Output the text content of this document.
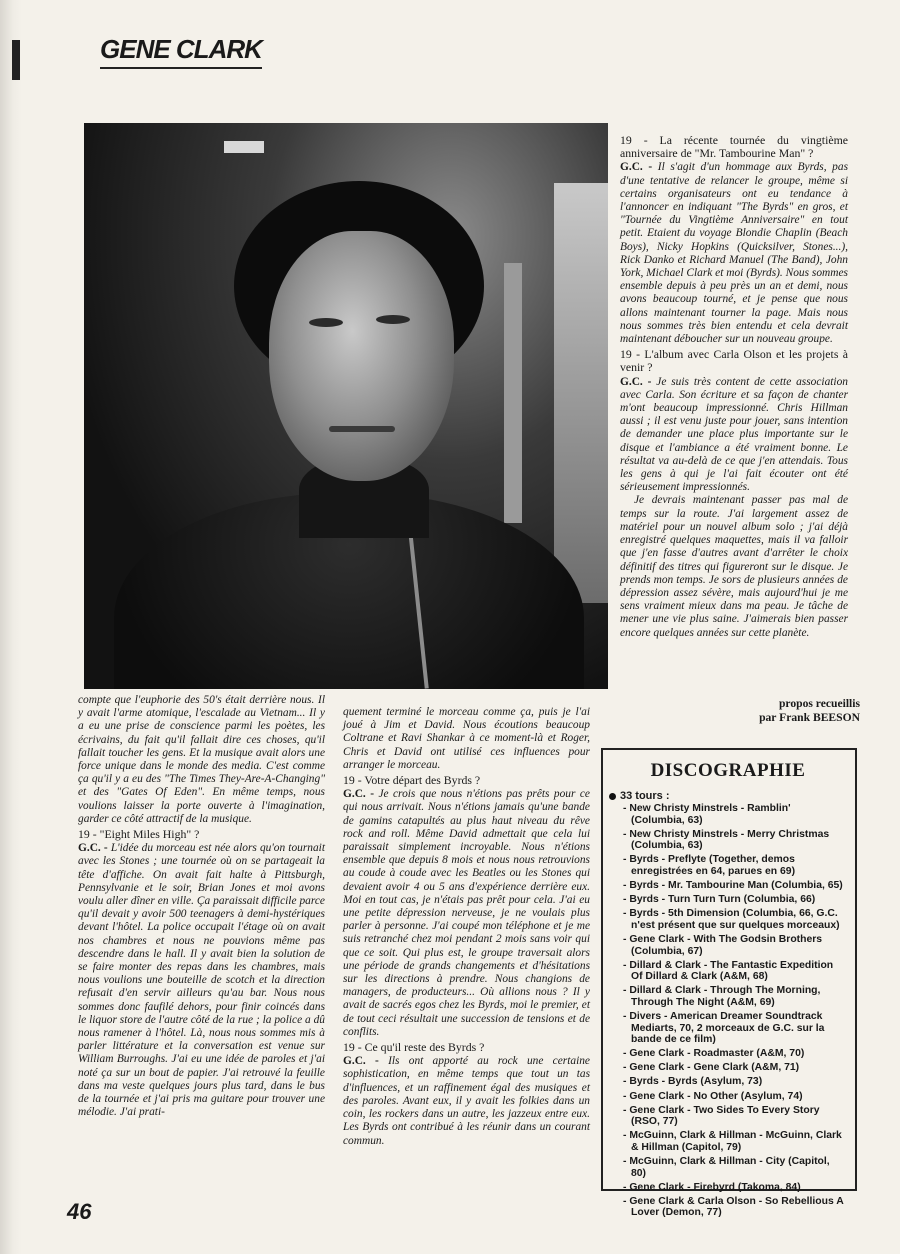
GENE CLARK

compte que l'euphorie des 50's était derrière nous. Il y avait l'arme atomique, l'escalade au Vietnam... Il y a eu une prise de conscience parmi les poètes, les écrivains, du fait qu'il fallait dire ces choses, qu'il fallait toucher les gens. Et la musique avait alors une force unique dans le monde des media. C'est comme ça qu'il y a eu des "The Times They-Are-A-Changing" et des "Gates Of Eden". En même temps, nous voulions laisser la porte ouverte à l'imagination, garder ce côté attractif de la musique.

19 - "Eight Miles High" ?

G.C. - L'idée du morceau est née alors qu'on tournait avec les Stones ; une tournée où on se partageait la tête d'affiche. On avait fait halte à Pittsburgh, Pennsylvanie et le soir, Brian Jones et moi avons voulu aller dîner en ville. Ça paraissait difficile parce qu'il devait y avoir 500 teenagers à demi-hystériques devant l'hôtel. La police occupait l'étage où on avait nos chambres et nous ne pouvions même pas descendre dans le hall. Il y avait bien la solution de se faire monter des repas dans les chambres, mais nous voulions une bouteille de scotch et la direction refusait d'en servir ailleurs qu'au bar. Nous nous sommes donc faufilé dehors, pour finir coincés dans le liquor store de l'autre côté de la rue ; la police a dû nous ramener à l'hôtel. Là, nous nous sommes mis à parler littérature et la conversation est venue sur William Burroughs. J'ai eu une idée de paroles et j'ai noté ça sur un bout de papier. J'ai retrouvé la feuille dans ma veste quelques jours plus tard, dans le bus de la tournée et j'ai pris ma guitare pour trouver une mélodie. J'ai prati-

quement terminé le morceau comme ça, puis je l'ai joué à Jim et David. Nous écoutions beaucoup Coltrane et Ravi Shankar à ce moment-là et Roger, Chris et David ont utilisé ces influences pour arranger le morceau.

19 - Votre départ des Byrds ?

G.C. - Je crois que nous n'étions pas prêts pour ce qui nous arrivait. Nous n'étions jamais qu'une bande de gamins catapultés au plus haut niveau du rêve rock and roll. Même David admettait que cela lui paraissait simplement incroyable. Nous n'étions ensemble que depuis 8 mois et nous nous retrouvions au coude à coude avec les Beatles ou les Stones qui devaient avoir 4 ou 5 ans d'expérience derrière eux. Moi en tout cas, je n'étais pas prêt pour cela. J'ai eu une petite dépression nerveuse, je ne voulais plus parler à personne. J'ai coupé mon téléphone et je me suis retranché chez moi pendant 2 mois sans voir qui que ce soit. Qui plus est, le groupe traversait alors une période de grands changements et d'hésitations sur les directions à prendre. Nous changions de managers, de producteurs... Où allions nous ? Il y avait de sacrés egos chez les Byrds, moi le premier, et de tout ceci résultait une succession de tensions et de conflits.

19 - Ce qu'il reste des Byrds ?

G.C. - Ils ont apporté au rock une certaine sophistication, en même temps que tout un tas d'influences, et un raffinement égal des musiques et des paroles. Avant eux, il y avait les folkies dans un coin, les rockers dans un autre, les jazzeux entre eux. Les Byrds ont contribué à les réunir dans un courant commun.

19 - La récente tournée du vingtième anniversaire de "Mr. Tambourine Man" ?

G.C. - Il s'agit d'un hommage aux Byrds, pas d'une tentative de relancer le groupe, même si certains organisateurs ont eu tendance à l'annoncer en indiquant "The Byrds" en gros, et "Tournée du Vingtième Anniversaire" en tout petit. Etaient du voyage Blondie Chaplin (Beach Boys), Nicky Hopkins (Quicksilver, Stones...), Rick Danko et Richard Manuel (The Band), John York, Michael Clark et moi (Byrds). Nous sommes ensemble depuis à peu près un an et demi, nous avons beaucoup tourné, et je pense que nous allons maintenant tourner la page. Mais nous nous sommes très bien entendu et cela devrait maintenant déboucher sur un nouveau groupe.

19 - L'album avec Carla Olson et les projets à venir ?

G.C. - Je suis très content de cette association avec Carla. Son écriture et sa façon de chanter m'ont beaucoup impressionné. Chris Hillman aussi ; il est venu juste pour jouer, sans intention de demander une place plus importante sur le disque et l'ambiance a été vraiment bonne. Le résultat va au-delà de ce que j'en attendais. Tous les gens à qui je l'ai fait écouter ont été sérieusement impressionnés.

Je devrais maintenant passer pas mal de temps sur la route. J'ai largement assez de matériel pour un nouvel album solo ; j'ai déjà enregistré quelques maquettes, mais il va falloir que j'en fasse d'autres avant d'arrêter le choix définitif des titres qui figureront sur le disque. Je prends mon temps. Je sors de plusieurs années de dépression assez sévère, mais aujourd'hui je me sens vraiment mieux dans ma peau. Je tâche de mener une vie plus saine. J'aimerais bien passer encore quelques années sur cette planète.

propos recueillis
par Frank BEESON
DISCOGRAPHIE
33 tours :
- New Christy Minstrels - Ramblin' (Columbia, 63)
- New Christy Minstrels - Merry Christmas (Columbia, 63)
- Byrds - Preflyte (Together, demos enregistrées en 64, parues en 69)
- Byrds - Mr. Tambourine Man (Columbia, 65)
- Byrds - Turn Turn Turn (Columbia, 66)
- Byrds - 5th Dimension (Columbia, 66, G.C. n'est présent que sur quelques morceaux)
- Gene Clark - With The Godsin Brothers (Columbia, 67)
- Dillard & Clark - The Fantastic Expedition Of Dillard & Clark (A&M, 68)
- Dillard & Clark - Through The Morning, Through The Night (A&M, 69)
- Divers - American Dreamer Soundtrack Mediarts, 70, 2 morceaux de G.C. sur la bande de ce film)
- Gene Clark - Roadmaster (A&M, 70)
- Gene Clark - Gene Clark (A&M, 71)
- Byrds - Byrds (Asylum, 73)
- Gene Clark - No Other (Asylum, 74)
- Gene Clark - Two Sides To Every Story (RSO, 77)
- McGuinn, Clark & Hillman - McGuinn, Clark & Hillman (Capitol, 79)
- McGuinn, Clark & Hillman - City (Capitol, 80)
- Gene Clark - Firebyrd (Takoma, 84)
- Gene Clark & Carla Olson - So Rebellious A Lover (Demon, 77)
46
